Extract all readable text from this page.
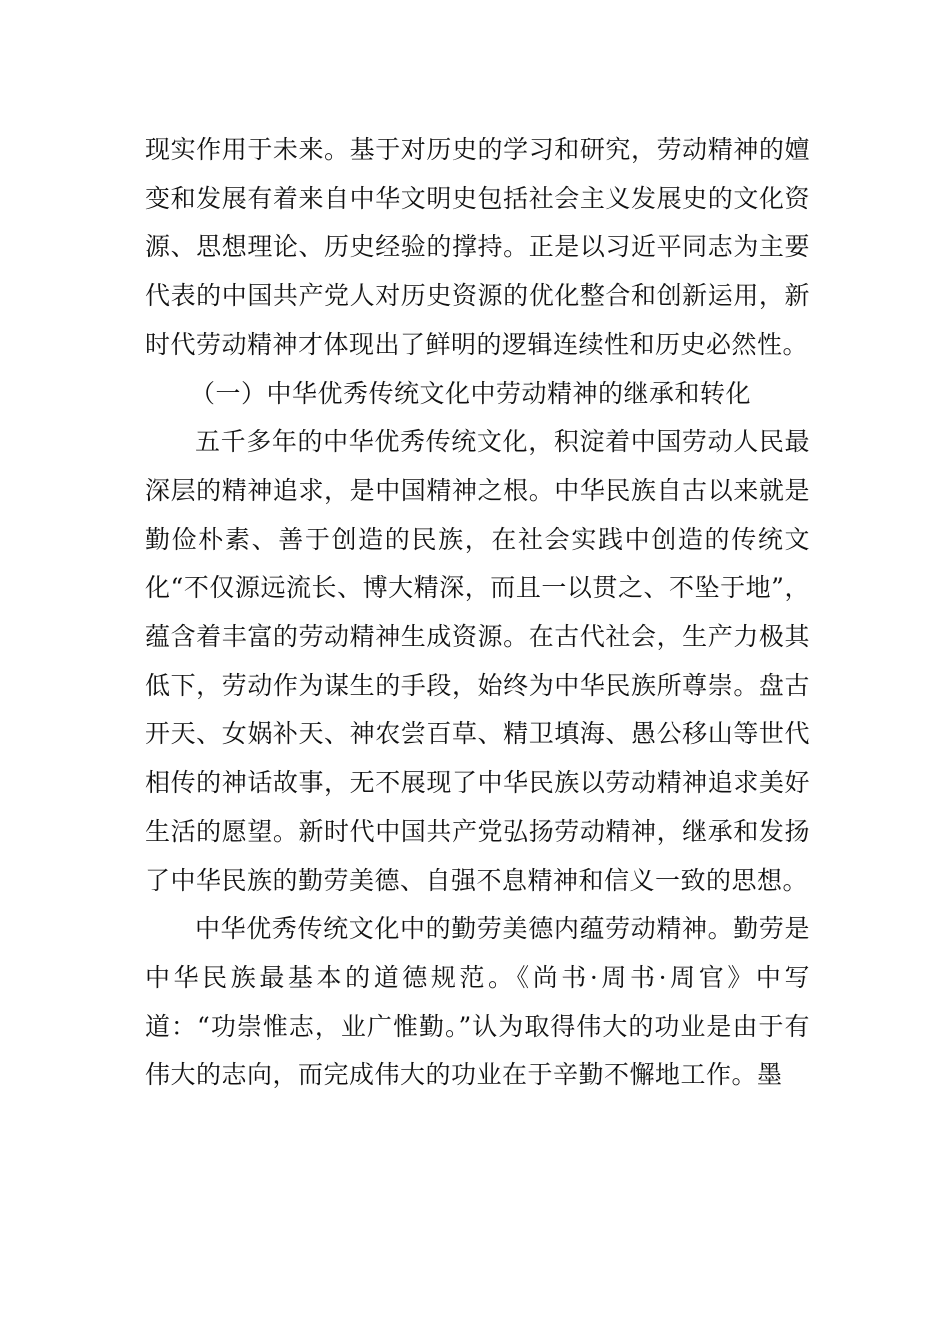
现实作用于未来。基于对历史的学习和研究，劳动精神的嬗变和发展有着来自中华文明史包括社会主义发展史的文化资源、思想理论、历史经验的撑持。正是以习近平同志为主要代表的中国共产党人对历史资源的优化整合和创新运用，新时代劳动精神才体现出了鲜明的逻辑连续性和历史必然性。

（一）中华优秀传统文化中劳动精神的继承和转化

五千多年的中华优秀传统文化，积淀着中国劳动人民最深层的精神追求，是中国精神之根。中华民族自古以来就是勤俭朴素、善于创造的民族，在社会实践中创造的传统文化“不仅源远流长、博大精深，而且一以贯之、不坠于地”，蕴含着丰富的劳动精神生成资源。在古代社会，生产力极其低下，劳动作为谋生的手段，始终为中华民族所尊崇。盘古开天、女娲补天、神农尝百草、精卫填海、愚公移山等世代相传的神话故事，无不展现了中华民族以劳动精神追求美好生活的愿望。新时代中国共产党弘扬劳动精神，继承和发扬了中华民族的勤劳美德、自强不息精神和信义一致的思想。

中华优秀传统文化中的勤劳美德内蕴劳动精神。勤劳是中华民族最基本的道德规范。《尚书·周书·周官》中写道：“功崇惟志，业广惟勤。”认为取得伟大的功业是由于有伟大的志向，而完成伟大的功业在于辛勤不懈地工作。墨
